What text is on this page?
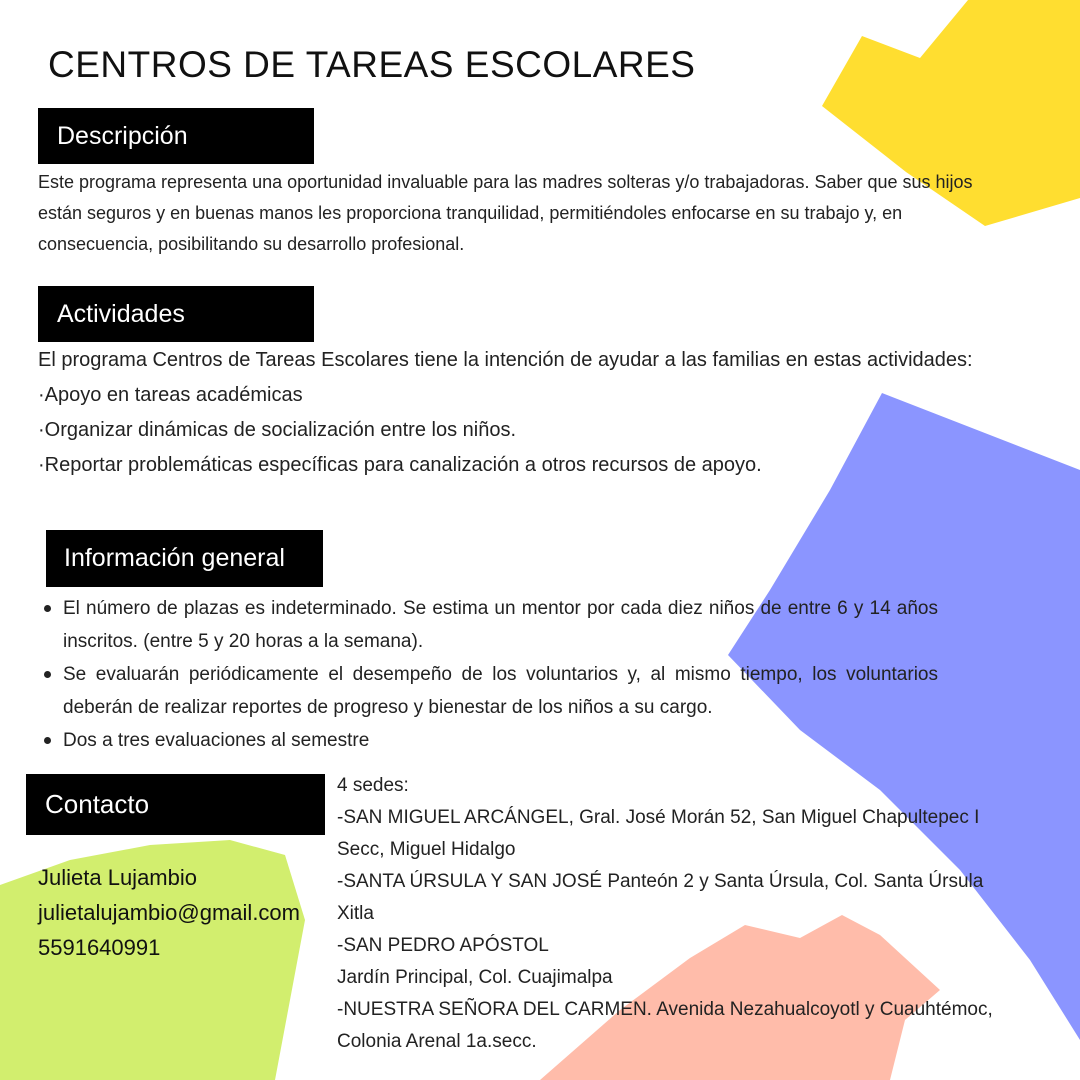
CENTROS DE TAREAS ESCOLARES
Descripción
Este programa representa una oportunidad invaluable para las madres solteras y/o trabajadoras. Saber que sus hijos están seguros y en buenas manos les proporciona tranquilidad, permitiéndoles enfocarse en su trabajo y, en consecuencia, posibilitando su desarrollo profesional.
Actividades
El programa Centros de Tareas Escolares tiene la intención de ayudar a las familias en estas actividades:
·Apoyo en tareas académicas
·Organizar dinámicas de socialización entre los niños.
·Reportar problemáticas específicas para canalización a otros recursos de apoyo.
Información general
El número de plazas es indeterminado. Se estima un mentor por cada diez niños de entre 6 y 14 años inscritos. (entre 5 y 20 horas a la semana).
Se evaluarán periódicamente el desempeño de los voluntarios y, al mismo tiempo, los voluntarios deberán de realizar reportes de progreso y bienestar de los niños a su cargo.
Dos a tres evaluaciones al semestre
Contacto
Julieta Lujambio
julietalujambio@gmail.com
5591640991
4 sedes:
-SAN MIGUEL ARCÁNGEL, Gral. José Morán 52, San Miguel Chapultepec I
Secc, Miguel Hidalgo
-SANTA ÚRSULA Y SAN JOSÉ Panteón 2 y Santa Úrsula, Col. Santa Úrsula
Xitla
-SAN PEDRO APÓSTOL
Jardín Principal, Col. Cuajimalpa
-NUESTRA SEÑORA DEL CARMEN. Avenida Nezahualcoyotl y Cuauhtémoc,
Colonia Arenal 1a.secc.
